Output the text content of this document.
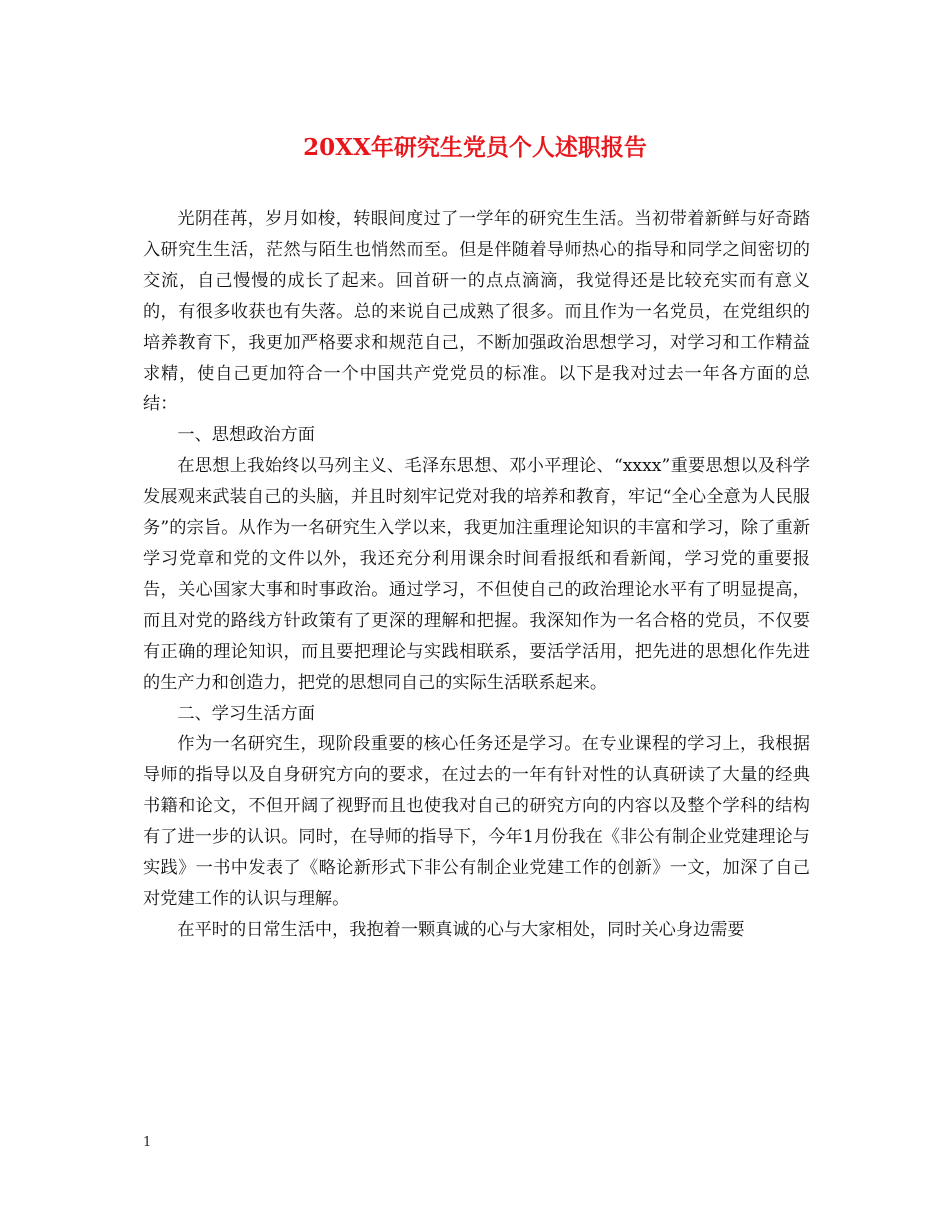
20XX年研究生党员个人述职报告

光阴荏苒，岁月如梭，转眼间度过了一学年的研究生生活。当初带着新鲜与好奇踏入研究生生活，茫然与陌生也悄然而至。但是伴随着导师热心的指导和同学之间密切的交流，自己慢慢的成长了起来。回首研一的点点滴滴，我觉得还是比较充实而有意义的，有很多收获也有失落。总的来说自己成熟了很多。而且作为一名党员，在党组织的培养教育下，我更加严格要求和规范自己，不断加强政治思想学习，对学习和工作精益求精，使自己更加符合一个中国共产党党员的标准。以下是我对过去一年各方面的总结：

一、思想政治方面

在思想上我始终以马列主义、毛泽东思想、邓小平理论、“xxxx”重要思想以及科学发展观来武装自己的头脑，并且时刻牢记党对我的培养和教育，牢记“全心全意为人民服务”的宗旨。从作为一名研究生入学以来，我更加注重理论知识的丰富和学习，除了重新学习党章和党的文件以外，我还充分利用课余时间看报纸和看新闻，学习党的重要报告，关心国家大事和时事政治。通过学习，不但使自己的政治理论水平有了明显提高，而且对党的路线方针政策有了更深的理解和把握。我深知作为一名合格的党员，不仅要有正确的理论知识，而且要把理论与实践相联系，要活学活用，把先进的思想化作先进的生产力和创造力，把党的思想同自己的实际生活联系起来。

二、学习生活方面

作为一名研究生，现阶段重要的核心任务还是学习。在专业课程的学习上，我根据导师的指导以及自身研究方向的要求，在过去的一年有针对性的认真研读了大量的经典书籍和论文，不但开阔了视野而且也使我对自己的研究方向的内容以及整个学科的结构有了进一步的认识。同时，在导师的指导下，今年1月份我在《非公有制企业党建理论与实践》一书中发表了《略论新形式下非公有制企业党建工作的创新》一文，加深了自己对党建工作的认识与理解。

在平时的日常生活中，我抱着一颗真诚的心与大家相处，同时关心身边需要

1
